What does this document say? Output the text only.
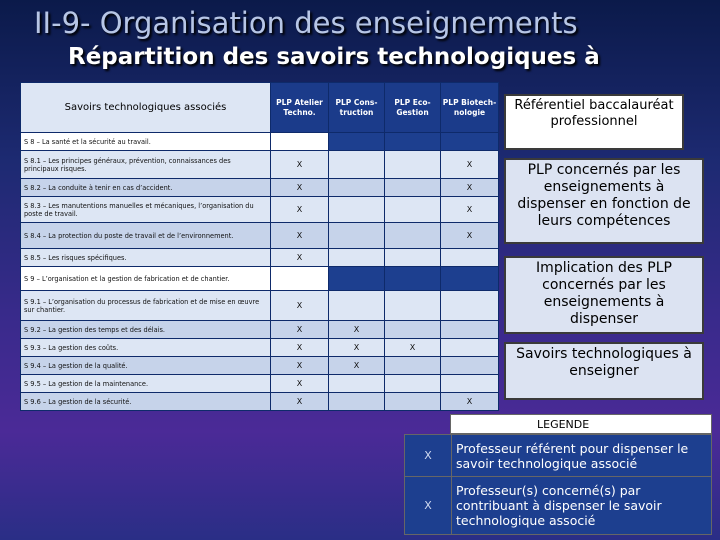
II-9- Organisation des enseignements
Répartition des savoirs technologiques à
Savoirs technologiques associés	PLP Atelier Techno.	PLP Cons-truction	PLP Eco-Gestion	PLP Biotech-nologie
S 8 – La santé et la sécurité au travail.				
S 8.1 – Les principes généraux, prévention, connaissances des principaux risques.	X			X
S 8.2 – La conduite à tenir en cas d’accident.	X			X
S 8.3 – Les manutentions manuelles et mécaniques, l’organisation du poste de travail.	X			X
S 8.4 – La protection du poste de travail et de l’environnement.	X			X
S 8.5 – Les risques spécifiques.	X			
S 9 – L’organisation et la gestion de fabrication et de chantier.				
S 9.1 – L’organisation du processus de fabrication et de mise en œuvre sur chantier.	X			
S 9.2 – La gestion des temps et des délais.	X	X		
S 9.3 – La gestion des coûts.	X	X	X	
S 9.4 – La gestion de la qualité.	X	X		
S 9.5 – La gestion de la maintenance.	X			
S 9.6 – La gestion de la sécurité.	X			X
Référentiel baccalauréat professionnel
PLP concernés par les enseignements à dispenser en fonction de leurs compétences
Implication des PLP concernés par les enseignements à dispenser
Savoirs technologiques à enseigner
LEGENDE
X	Professeur référent pour dispenser le savoir technologique associé
X	Professeur(s) concerné(s) par contribuant à dispenser le savoir technologique associé
